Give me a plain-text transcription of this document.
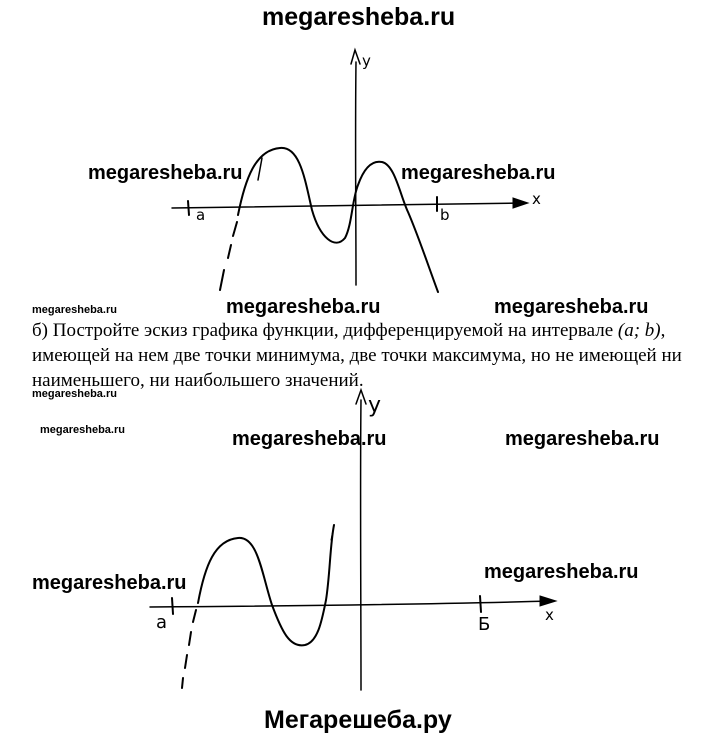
y
x
a	b
y
x
a	Б
megaresheba.ru
megaresheba.ru	megaresheba.ru
megaresheba.ru	megaresheba.ru	megaresheba.ru
б) Постройте эскиз графика функции, дифференцируемой на интервале (a; b), имеющей на нем две точки минимума, две точки максимума, но не имеющей ни наименьшего, ни наибольшего значений.
megaresheba.ru
megaresheba.ru	megaresheba.ru
megaresheba.ru
megaresheba.ru	megaresheba.ru
Мегарешеба.ру
